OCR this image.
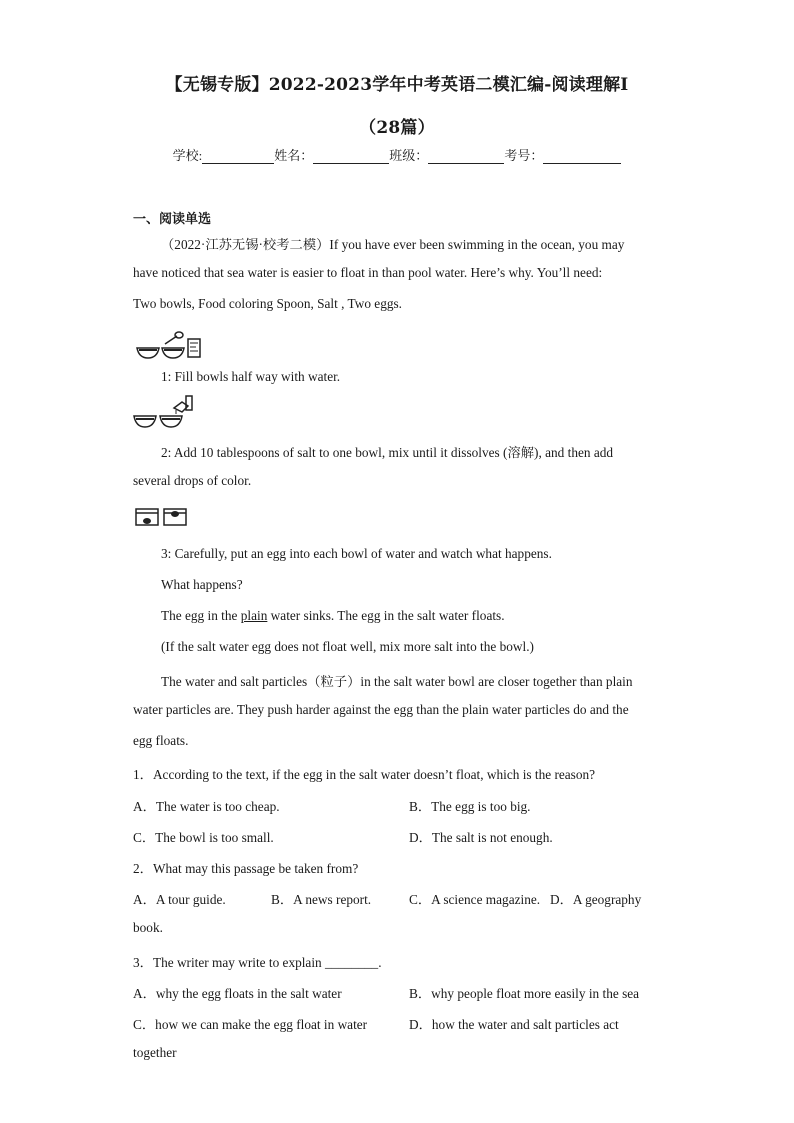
【无锡专版】2022-2023学年中考英语二模汇编-阅读理解Ⅰ
（28篇）
学校:	姓名：	班级：	考号：
一、阅读单选
（2022·江苏无锡·校考二模）If you have ever been swimming in the ocean, you may
have noticed that sea water is easier to float in than pool water. Here’s why. You’ll need:
Two bowls, Food coloring Spoon, Salt , Two eggs.
1: Fill bowls half way with water.
2: Add 10 tablespoons of salt to one bowl, mix until it dissolves (溶解), and then add
several drops of color.
3: Carefully, put an egg into each bowl of water and watch what happens.
What happens?
The egg in the plain water sinks. The egg in the salt water floats.
(If the salt water egg does not float well, mix more salt into the bowl.)
The water and salt particles（粒子）in the salt water bowl are closer together than plain
water particles are. They push harder against the egg than the plain water particles do and the
egg floats.
1．According to the text, if the egg in the salt water doesn’t float, which is the reason?
A．The water is too cheap.	B．The egg is too big.
C．The bowl is too small.	D．The salt is not enough.
2．What may this passage be taken from?
A．A tour guide.	B．A news report.	C．A science magazine. D．A geography
book.
3．The writer may write to explain ________.
A．why the egg floats in the salt water	B．why people float more easily in the sea
C．how we can make the egg float in water	D．how the water and salt particles act
together
